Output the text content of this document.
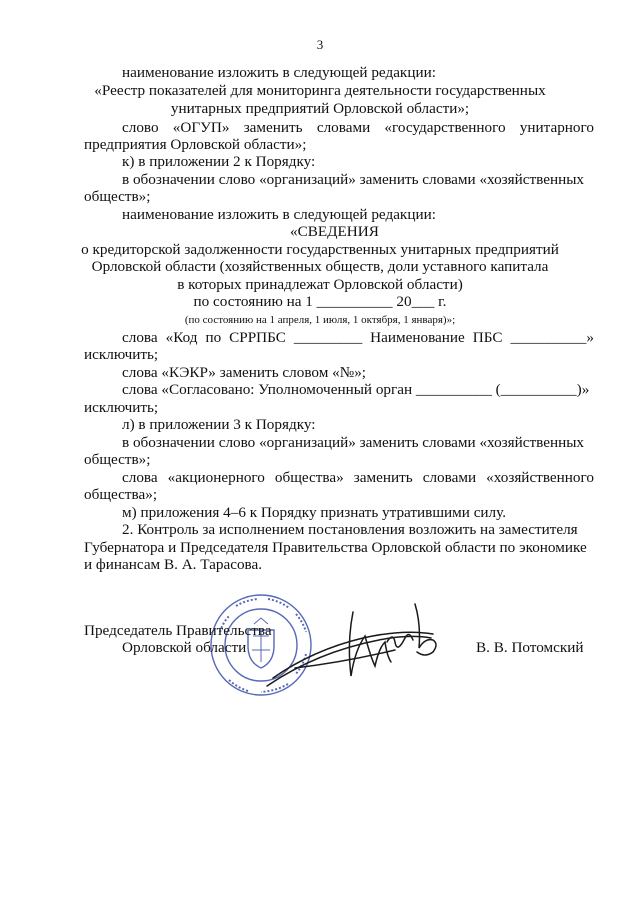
3
наименование изложить в следующей редакции:
«Реестр показателей для мониторинга деятельности государственных
унитарных предприятий Орловской области»;
слово «ОГУП» заменить словами «государственного унитарного
предприятия Орловской области»;
к) в приложении 2 к Порядку:
в обозначении слово «организаций» заменить словами «хозяйственных
обществ»;
наименование изложить в следующей редакции:
«СВЕДЕНИЯ
о кредиторской задолженности государственных унитарных предприятий
Орловской области (хозяйственных обществ, доли уставного капитала
в которых принадлежат Орловской области)
по состоянию на 1 __________ 20___ г.
(по состоянию на 1 апреля, 1 июля, 1 октября, 1 января)»;
слова «Код по СРРПБС _________ Наименование ПБС __________»
исключить;
слова «КЭКР» заменить словом «№»;
слова «Согласовано: Уполномоченный орган __________ (__________)»
исключить;
л) в приложении 3 к Порядку:
в обозначении слово «организаций» заменить словами «хозяйственных
обществ»;
слова «акционерного общества» заменить словами «хозяйственного
общества»;
м) приложения 4–6 к Порядку признать утратившими силу.
2. Контроль за исполнением постановления возложить на заместителя
Губернатора и Председателя Правительства Орловской области по экономике
и финансам В. А. Тарасова.
Председатель Правительства
Орловской области	В. В. Потомский
